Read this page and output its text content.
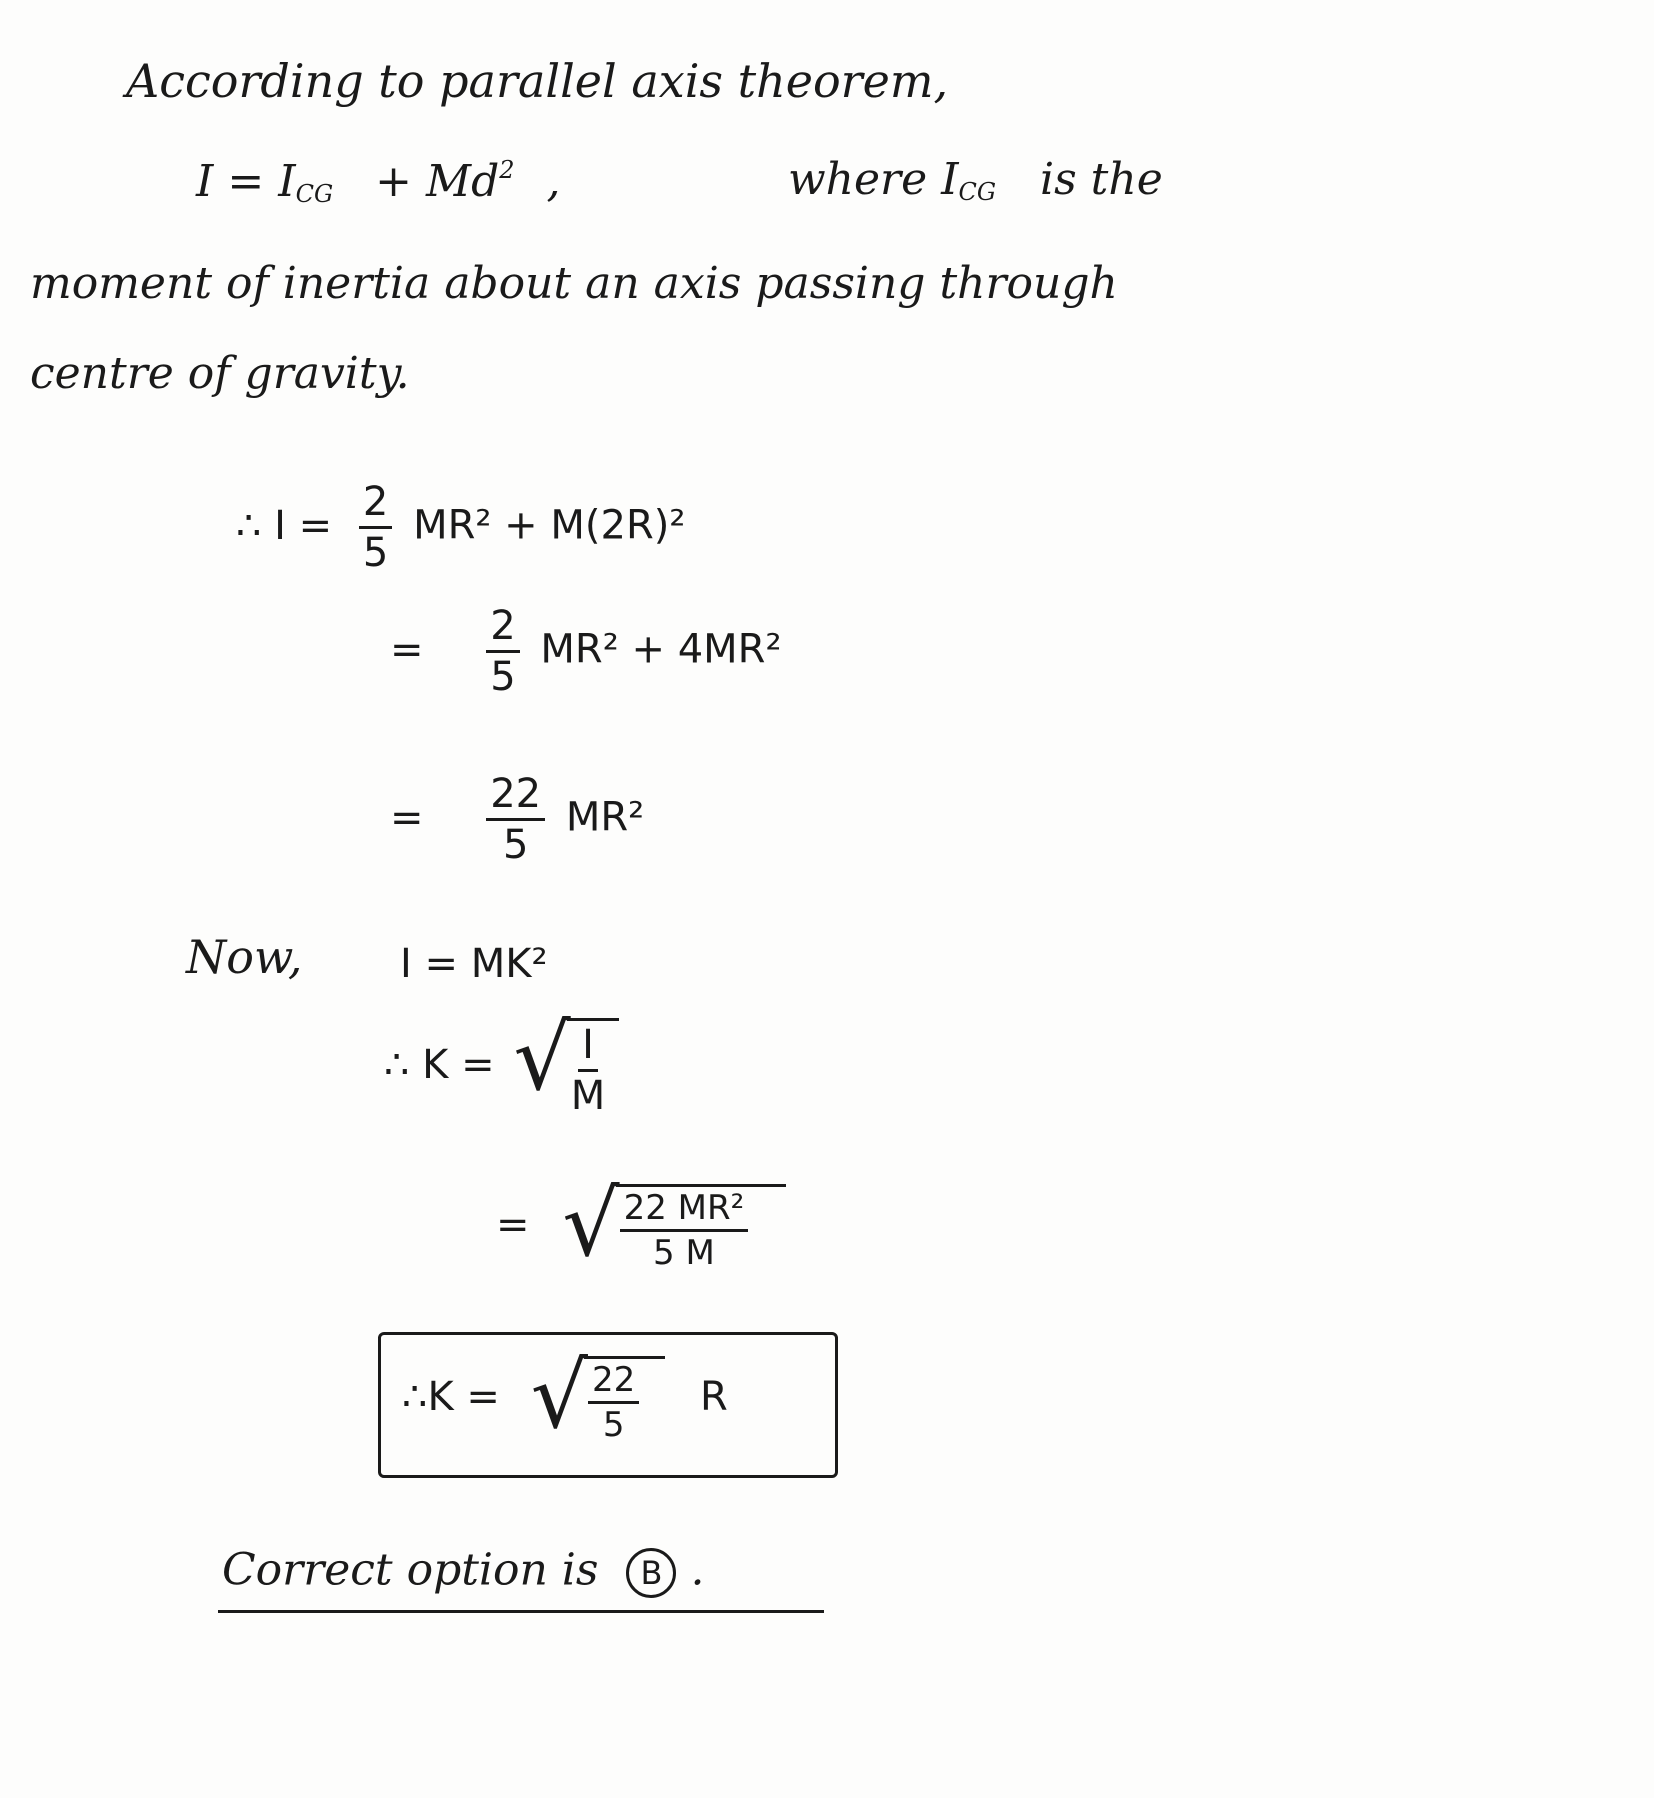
According to parallel axis theorem,
$I = I_{CG} + Md^2$ ,	where $I_{CG}$ is the
moment of inertia about an axis passing through
centre of gravity.
∴ $I = \frac{2}{5} MR^2 + M(2R)^2$
= $\frac{2}{5} MR^2 + 4MR^2$
= $\frac{22}{5} MR^2$
Now, I = MK²
∴ K = √ $\frac{I}{M}$
= √ $\frac{\text{22 MR²}}{5 M}$
∴K = √ $\frac{22}{5}$ R
Correct option is B .
